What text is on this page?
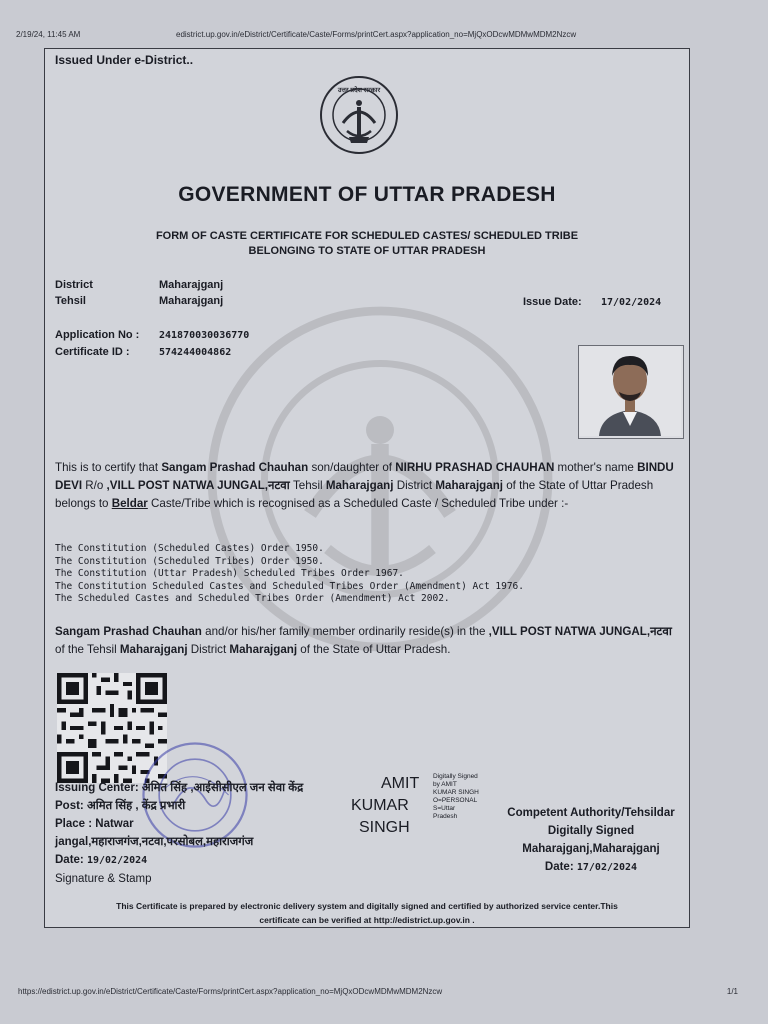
2/19/24, 11:45 AM	edistrict.up.gov.in/eDistrict/Certificate/Caste/Forms/printCert.aspx?application_no=MjQxODcwMDMwMDM2Nzcw
Issued Under e-District..
उत्तर प्रदेश सरकार
GOVERNMENT OF UTTAR PRADESH
FORM OF CASTE CERTIFICATE FOR SCHEDULED CASTES/ SCHEDULED TRIBE
BELONGING TO STATE OF UTTAR PRADESH
District	Maharajganj
Tehsil	Maharajganj	Issue Date: 17/02/2024
Application No : 241870030036770
Certificate ID :	574244004862
This is to certify that Sangam Prashad Chauhan son/daughter of NIRHU PRASHAD CHAUHAN mother's name BINDU DEVI R/o ,VILL POST NATWA JUNGAL,नटवा Tehsil Maharajganj District Maharajganj of the State of Uttar Pradesh belongs to Beldar Caste/Tribe which is recognised as a Scheduled Caste / Scheduled Tribe under :-
The Constitution (Scheduled Castes) Order 1950.
The Constitution (Scheduled Tribes) Order 1950.
The Constitution (Uttar Pradesh) Scheduled Tribes Order 1967.
The Constitution Scheduled Castes and Scheduled Tribes Order (Amendment) Act 1976.
The Scheduled Castes and Scheduled Tribes Order (Amendment) Act 2002.
Sangam Prashad Chauhan and/or his/her family member ordinarily reside(s) in the ,VILL POST NATWA JUNGAL,नटवा of the Tehsil Maharajganj District Maharajganj of the State of Uttar Pradesh.
Issuing Center: अमित सिंह ,आईसीसीएल जन सेवा केंद्र
Post: अमित सिंह , केंद्र प्रभारी
Place : Natwar
jangal,महाराजगंज,नटवा,परसोबल,महाराजगंज
Date: 19/02/2024
Signature & Stamp
AMIT
KUMAR
SINGH
Digitally Signed
by AMIT
KUMAR SINGH
O=PERSONAL
S=Uttar
Pradesh	Competent Authority/Tehsildar
Digitally Signed
Maharajganj,Maharajganj
Date: 17/02/2024
This Certificate is prepared by electronic delivery system and digitally signed and certified by authorized service center.This
certificate can be verified at http://edistrict.up.gov.in .
https://edistrict.up.gov.in/eDistrict/Certificate/Caste/Forms/printCert.aspx?application_no=MjQxODcwMDMwMDM2Nzcw	1/1
